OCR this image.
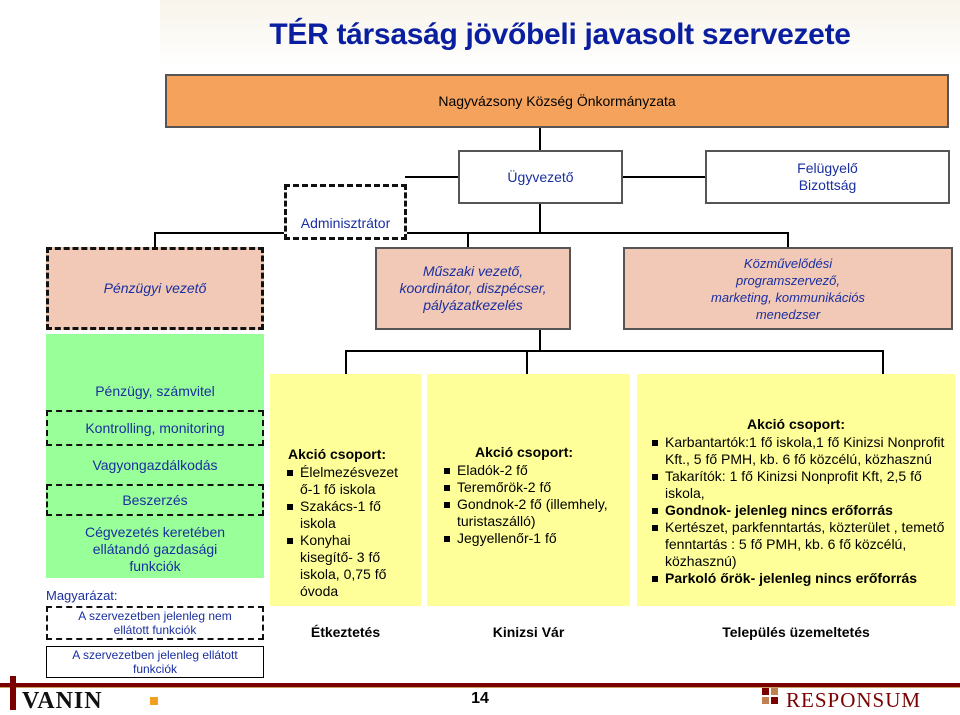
TÉR társaság jövőbeli javasolt szervezete
Nagyvázsony Község Önkormányzata
Ügyvezető
Felügyelő
Bizottság
Adminisztrátor
Pénzügyi vezető
Műszaki vezető,
koordinátor, diszpécser,
pályázatkezelés
Közművelődési
programszervező,
marketing, kommunikációs
menedzser
Pénzügy, számvitel
Kontrolling, monitoring
Vagyongazdálkodás
Beszerzés
Cégvezetés keretében
ellátandó gazdasági
funkciók
Magyarázat:
A szervezetben jelenleg nem
ellátott funkciók
A szervezetben jelenleg ellátott
funkciók
Akció csoport:
Élelmezésvezet ő-1 fő iskola
Szakács-1 fő iskola
Konyhai kisegítő- 3 fő iskola, 0,75 fő óvoda
Étkeztetés
Akció csoport:
Eladók-2 fő
Teremőrök-2 fő
Gondnok-2 fő (illemhely, turistaszálló)
Jegyellenőr-1 fő
Kinizsi Vár
Akció csoport:
Karbantartók:1 fő iskola,1 fő Kinizsi Nonprofit Kft., 5 fő PMH, kb. 6 fő közcélú, közhasznú
Takarítók: 1 fő Kinizsi Nonprofit Kft, 2,5 fő iskola,
Gondnok- jelenleg nincs erőforrás
Kertészet, parkfenntartás, közterület , temető fenntartás : 5 fő PMH, kb. 6 fő közcélú, közhasznú)
Parkoló őrök- jelenleg nincs erőforrás
Település üzemeltetés
VANIN	14	RESPONSUM
